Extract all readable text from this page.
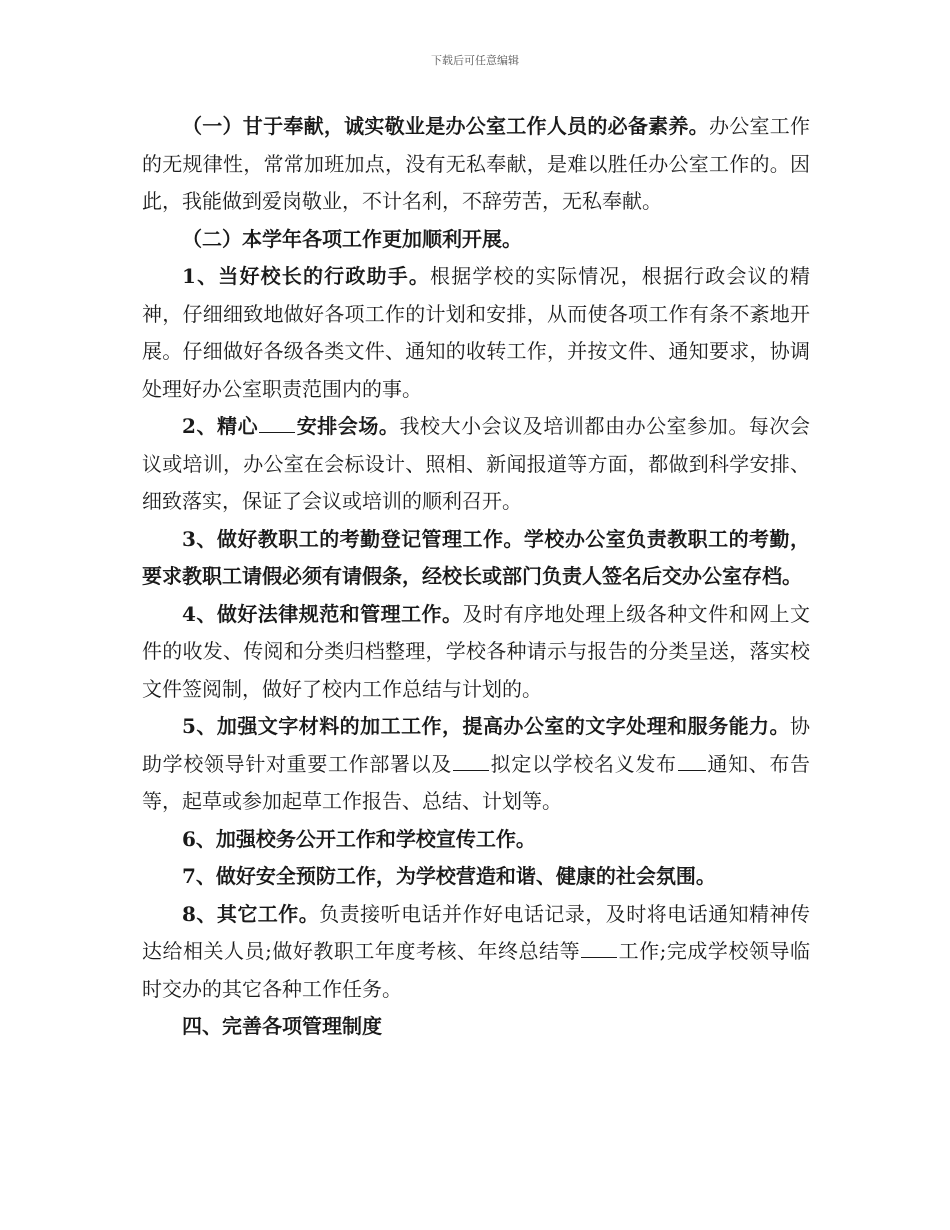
下载后可任意编辑

（一）甘于奉献，诚实敬业是办公室工作人员的必备素养。办公室工作的无规律性，常常加班加点，没有无私奉献，是难以胜任办公室工作的。因此，我能做到爱岗敬业，不计名利，不辞劳苦，无私奉献。

（二）本学年各项工作更加顺利开展。

1、当好校长的行政助手。根据学校的实际情况，根据行政会议的精神，仔细细致地做好各项工作的计划和安排，从而使各项工作有条不紊地开展。仔细做好各级各类文件、通知的收转工作，并按文件、通知要求，协调处理好办公室职责范围内的事。

2、精心 安排会场。我校大小会议及培训都由办公室参加。每次会议或培训，办公室在会标设计、照相、新闻报道等方面，都做到科学安排、细致落实，保证了会议或培训的顺利召开。

3、做好教职工的考勤登记管理工作。学校办公室负责教职工的考勤，要求教职工请假必须有请假条，经校长或部门负责人签名后交办公室存档。

4、做好法律规范和管理工作。及时有序地处理上级各种文件和网上文件的收发、传阅和分类归档整理，学校各种请示与报告的分类呈送，落实校文件签阅制，做好了校内工作总结与计划的。

5、加强文字材料的加工工作，提高办公室的文字处理和服务能力。协助学校领导针对重要工作部署以及 拟定以学校名义发布 通知、布告等，起草或参加起草工作报告、总结、计划等。

6、加强校务公开工作和学校宣传工作。

7、做好安全预防工作，为学校营造和谐、健康的社会氛围。

8、其它工作。负责接听电话并作好电话记录，及时将电话通知精神传达给相关人员;做好教职工年度考核、年终总结等 工作;完成学校领导临时交办的其它各种工作任务。

四、完善各项管理制度
